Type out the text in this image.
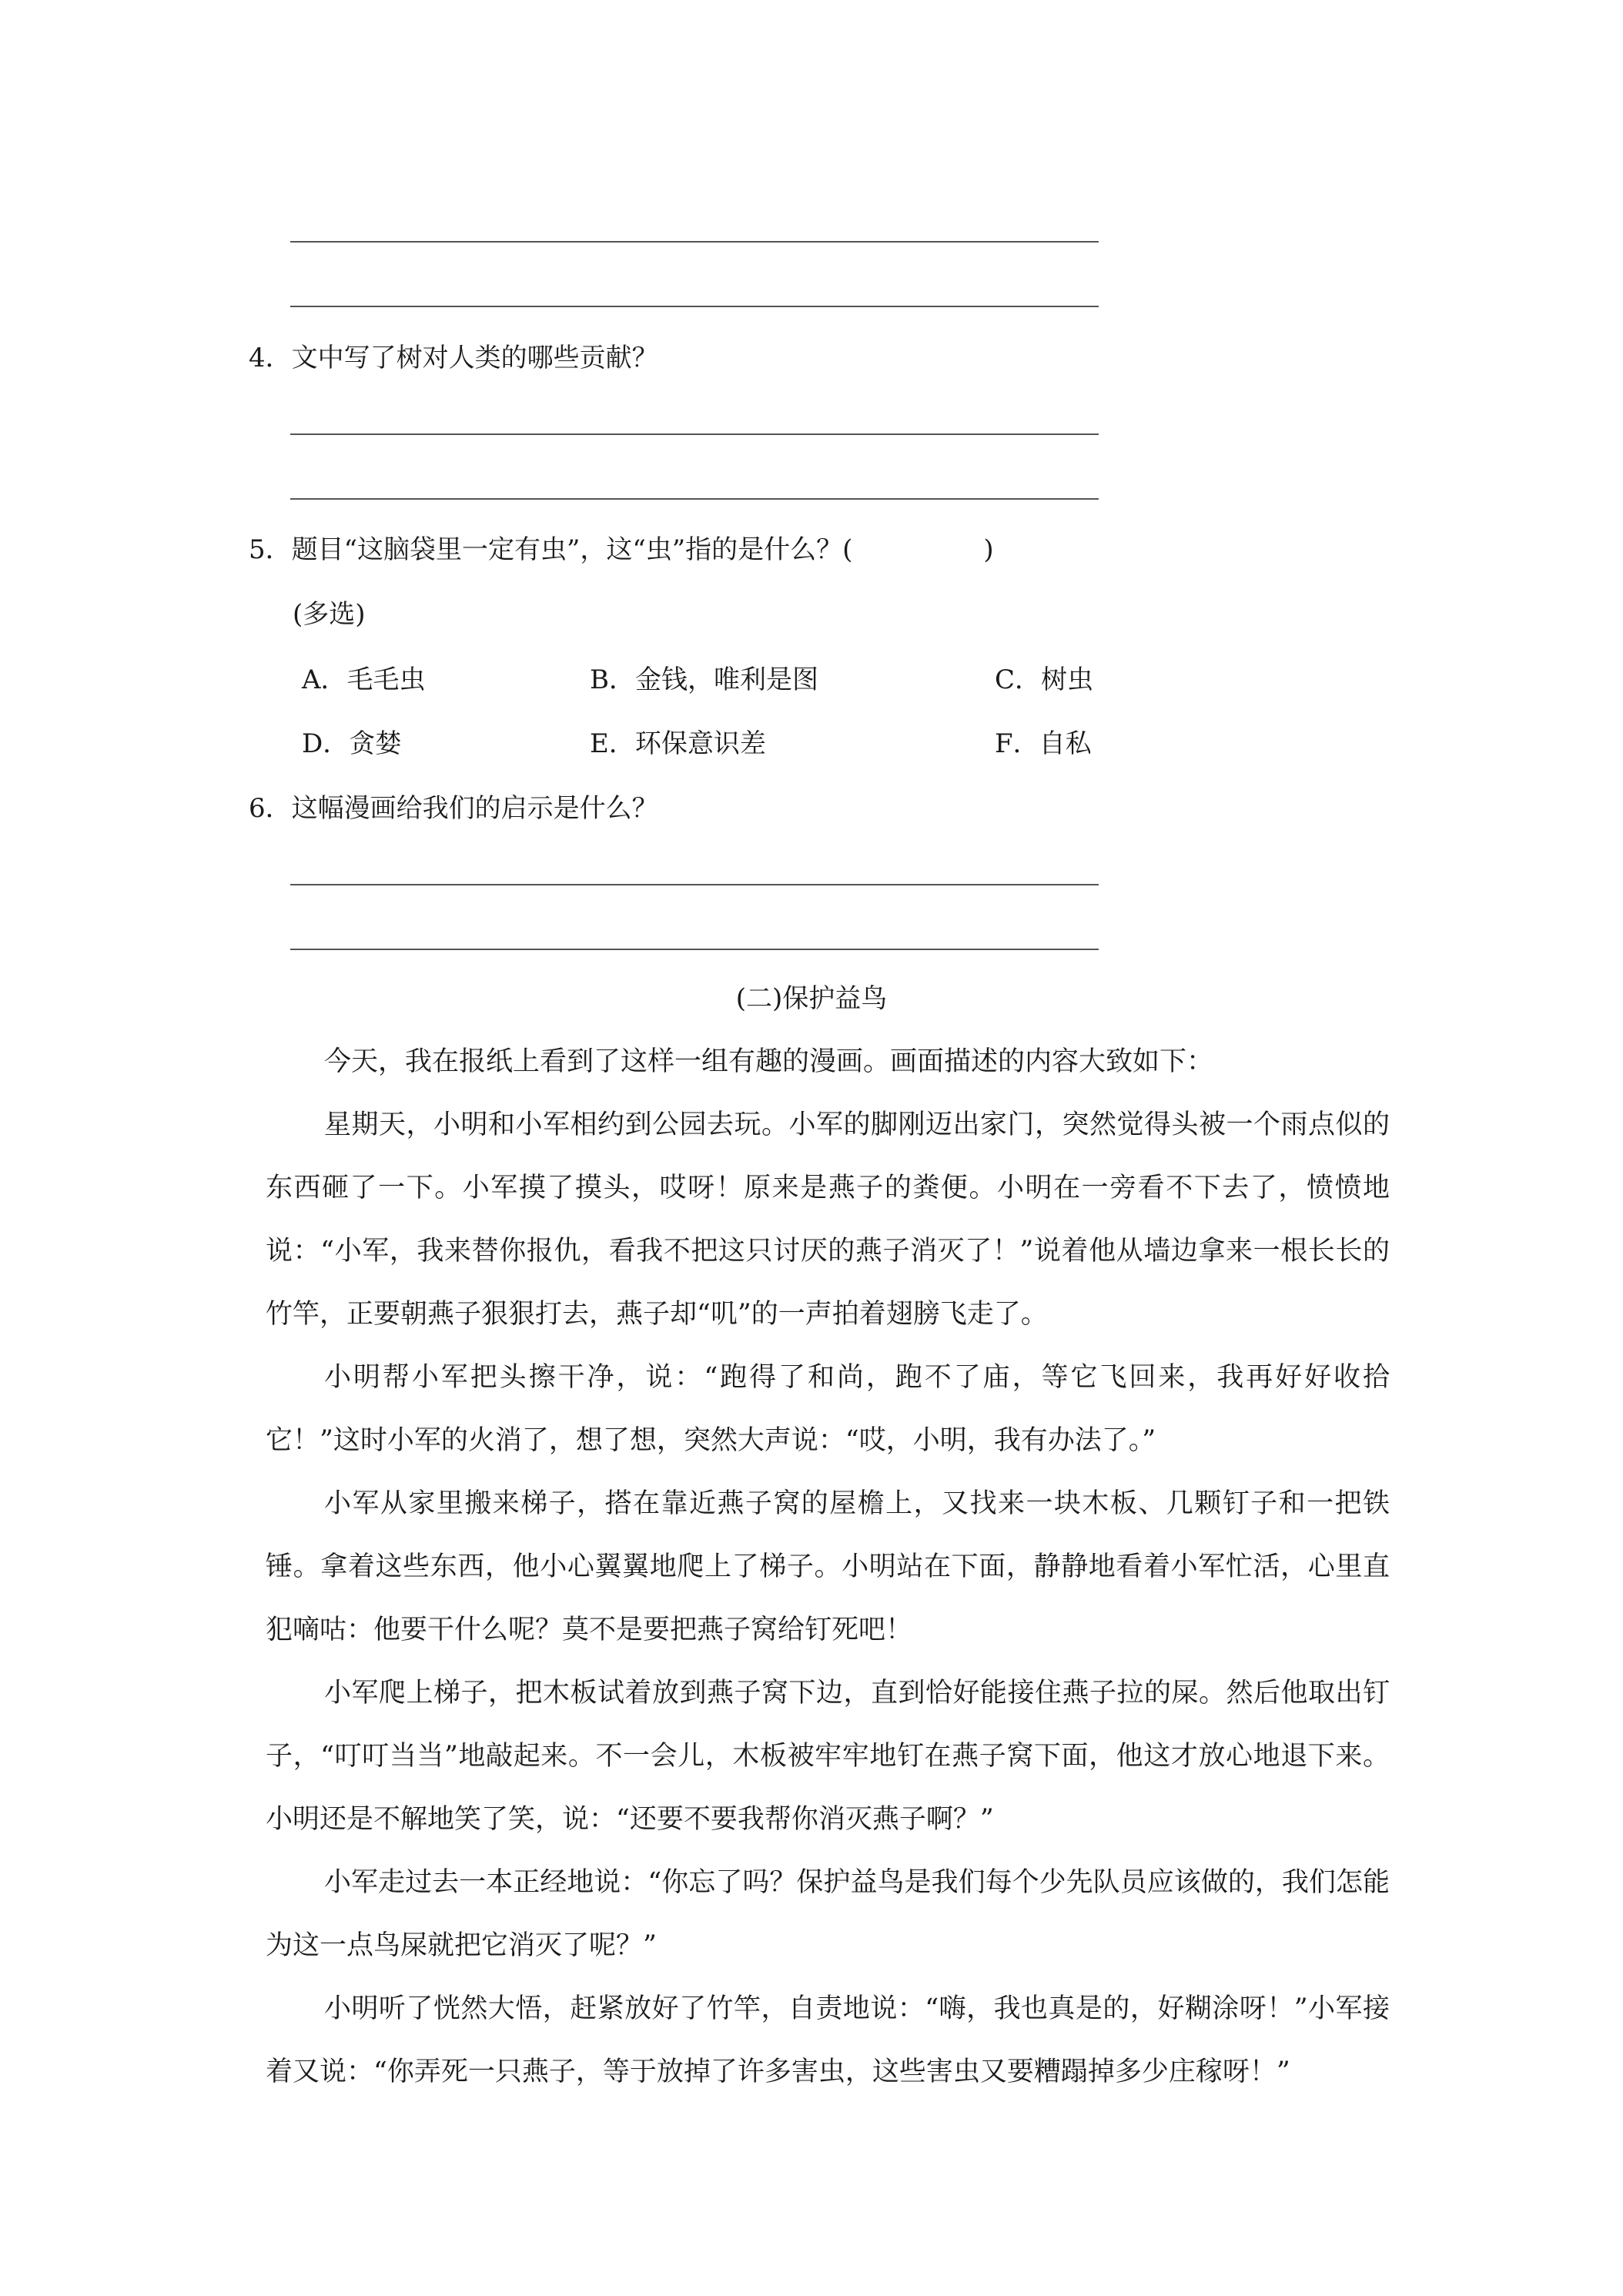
4．文中写了树对人类的哪些贡献？
5．题目“这脑袋里一定有虫”，这“虫”指的是什么？(　　　　　)
(多选)
A．毛毛虫	B．金钱，唯利是图	C．树虫
D．贪婪	E．环保意识差	F．自私
6．这幅漫画给我们的启示是什么？
(二)保护益鸟

今天，我在报纸上看到了这样一组有趣的漫画。画面描述的内容大致如下：

星期天，小明和小军相约到公园去玩。小军的脚刚迈出家门，突然觉得头被一个雨点似的东西砸了一下。小军摸了摸头，哎呀！原来是燕子的粪便。小明在一旁看不下去了，愤愤地说：“小军，我来替你报仇，看我不把这只讨厌的燕子消灭了！”说着他从墙边拿来一根长长的竹竿，正要朝燕子狠狠打去，燕子却“叽”的一声拍着翅膀飞走了。

小明帮小军把头擦干净，说：“跑得了和尚，跑不了庙，等它飞回来，我再好好收拾它！”这时小军的火消了，想了想，突然大声说：“哎，小明，我有办法了。”

小军从家里搬来梯子，搭在靠近燕子窝的屋檐上，又找来一块木板、几颗钉子和一把铁锤。拿着这些东西，他小心翼翼地爬上了梯子。小明站在下面，静静地看着小军忙活，心里直犯嘀咕：他要干什么呢？莫不是要把燕子窝给钉死吧！

小军爬上梯子，把木板试着放到燕子窝下边，直到恰好能接住燕子拉的屎。然后他取出钉子，“叮叮当当”地敲起来。不一会儿，木板被牢牢地钉在燕子窝下面，他这才放心地退下来。小明还是不解地笑了笑，说：“还要不要我帮你消灭燕子啊？”

小军走过去一本正经地说：“你忘了吗？保护益鸟是我们每个少先队员应该做的，我们怎能为这一点鸟屎就把它消灭了呢？”

小明听了恍然大悟，赶紧放好了竹竿，自责地说：“嗨，我也真是的，好糊涂呀！”小军接着又说：“你弄死一只燕子，等于放掉了许多害虫，这些害虫又要糟蹋掉多少庄稼呀！”
